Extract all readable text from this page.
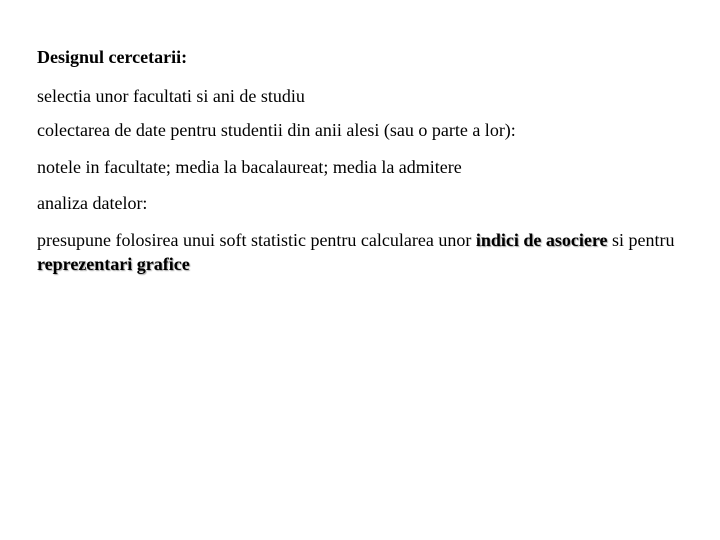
Designul cercetarii:
selectia unor facultati si ani de studiu
colectarea de date pentru studentii din anii alesi (sau o parte a lor):
notele in facultate; media la bacalaureat; media la admitere
analiza datelor:
presupune folosirea unui soft statistic pentru calcularea unor indici de asociere si pentru reprezentari grafice
